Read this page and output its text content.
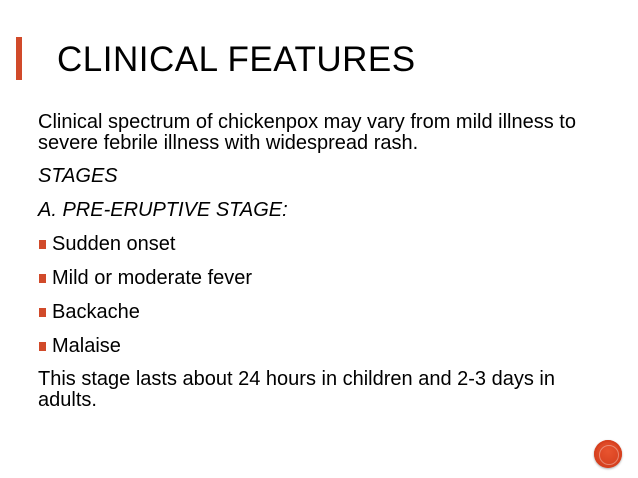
CLINICAL FEATURES

Clinical spectrum of chickenpox may vary from mild illness to severe febrile illness with widespread rash.

STAGES
A. PRE-ERUPTIVE STAGE:
Sudden onset
Mild or moderate fever
Backache
Malaise

This stage lasts about 24 hours in children and 2-3 days in adults.
